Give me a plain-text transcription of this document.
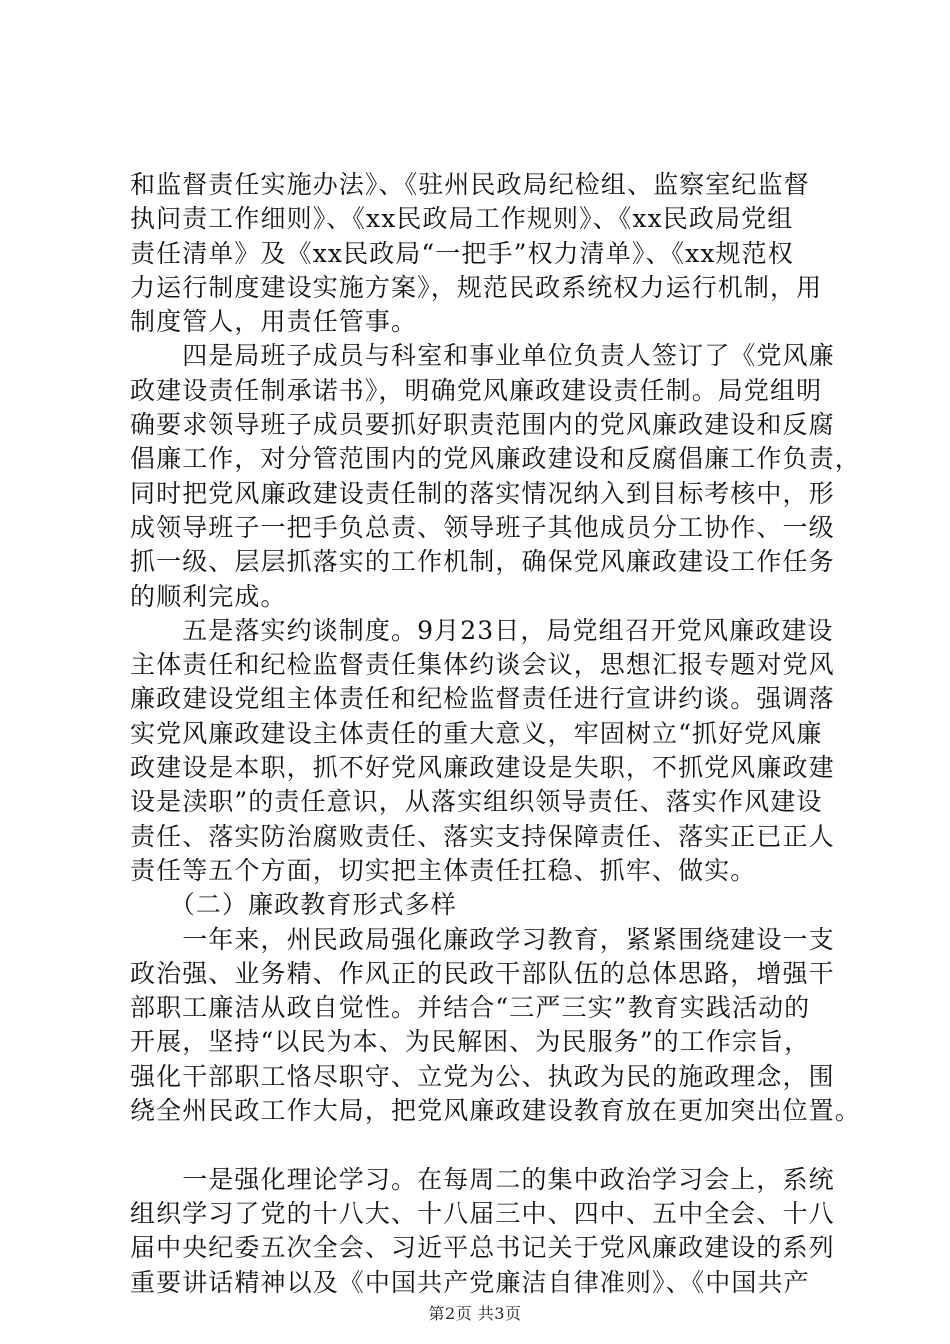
和监督责任实施办法》、《驻州民政局纪检组、监察室纪监督
执问责工作细则》、《xx民政局工作规则》、《xx民政局党组
责任清单》及《xx民政局“一把手”权力清单》、《xx规范权
力运行制度建设实施方案》，规范民政系统权力运行机制，用
制度管人，用责任管事。
　　四是局班子成员与科室和事业单位负责人签订了《党风廉
政建设责任制承诺书》，明确党风廉政建设责任制。局党组明
确要求领导班子成员要抓好职责范围内的党风廉政建设和反腐
倡廉工作，对分管范围内的党风廉政建设和反腐倡廉工作负责，
同时把党风廉政建设责任制的落实情况纳入到目标考核中，形
成领导班子一把手负总责、领导班子其他成员分工协作、一级
抓一级、层层抓落实的工作机制，确保党风廉政建设工作任务
的顺利完成。
　　五是落实约谈制度。9月23日，局党组召开党风廉政建设
主体责任和纪检监督责任集体约谈会议，思想汇报专题对党风
廉政建设党组主体责任和纪检监督责任进行宣讲约谈。强调落
实党风廉政建设主体责任的重大意义，牢固树立“抓好党风廉
政建设是本职，抓不好党风廉政建设是失职，不抓党风廉政建
设是渎职”的责任意识，从落实组织领导责任、落实作风建设
责任、落实防治腐败责任、落实支持保障责任、落实正已正人
责任等五个方面，切实把主体责任扛稳、抓牢、做实。
　　（二）廉政教育形式多样
　　一年来，州民政局强化廉政学习教育，紧紧围绕建设一支
政治强、业务精、作风正的民政干部队伍的总体思路，增强干
部职工廉洁从政自觉性。并结合“三严三实”教育实践活动的
开展，坚持“以民为本、为民解困、为民服务”的工作宗旨，
强化干部职工恪尽职守、立党为公、执政为民的施政理念，围
绕全州民政工作大局，把党风廉政建设教育放在更加突出位置。
　　一是强化理论学习。在每周二的集中政治学习会上，系统
组织学习了党的十八大、十八届三中、四中、五中全会、十八
届中央纪委五次全会、习近平总书记关于党风廉政建设的系列
重要讲话精神以及《中国共产党廉洁自律准则》、《中国共产
第2页 共3页
